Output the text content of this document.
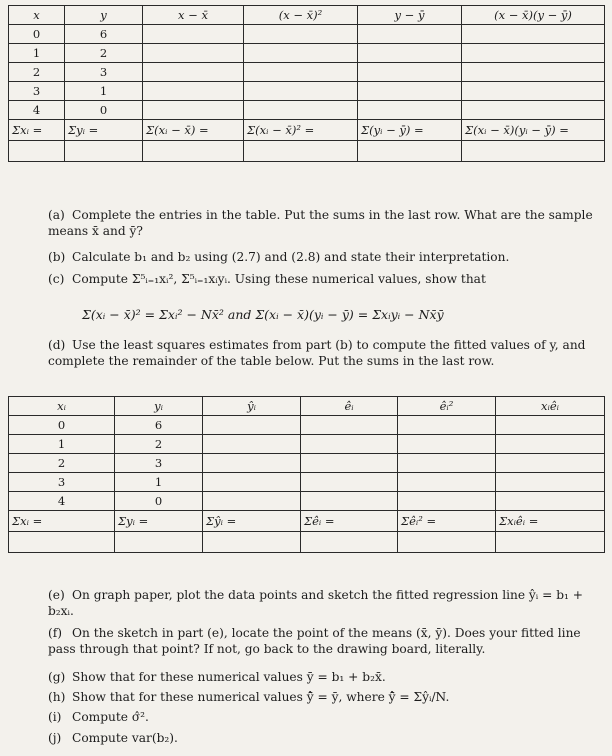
x	y	x − x̄	(x − x̄)²	y − ȳ	(x − x̄)(y − ȳ)
0	6				
1	2				
2	3				
3	1				
4	0				
Σxᵢ =	Σyᵢ =	Σ(xᵢ − x̄) =	Σ(xᵢ − x̄)² =	Σ(yᵢ − ȳ) =	Σ(xᵢ − x̄)(yᵢ − ȳ) =

(a) Complete the entries in the table. Put the sums in the last row. What are the sample means x̄ and ȳ?
(b) Calculate b₁ and b₂ using (2.7) and (2.8) and state their interpretation.
(c) Compute Σ⁵ᵢ₌₁xᵢ², Σ⁵ᵢ₌₁xᵢyᵢ. Using these numerical values, show that
Σ(xᵢ − x̄)² = Σxᵢ² − Nx̄² and Σ(xᵢ − x̄)(yᵢ − ȳ) = Σxᵢyᵢ − Nx̄ȳ
(d) Use the least squares estimates from part (b) to compute the fitted values of y, and complete the remainder of the table below. Put the sums in the last row.
xᵢ	yᵢ	ŷᵢ	êᵢ	êᵢ²	xᵢêᵢ
0	6				
1	2				
2	3				
3	1				
4	0				
Σxᵢ =	Σyᵢ =	Σŷᵢ =	Σêᵢ =	Σêᵢ² =	Σxᵢêᵢ =

(e) On graph paper, plot the data points and sketch the fitted regression line ŷᵢ = b₁ + b₂xᵢ.
(f) On the sketch in part (e), locate the point of the means (x̄, ȳ). Does your fitted line pass through that point? If not, go back to the drawing board, literally.
(g) Show that for these numerical values ȳ = b₁ + b₂x̄.
(h) Show that for these numerical values ŷ̄ = ȳ, where ŷ̄ = Σŷᵢ/N.
(i) Compute σ̂².
(j) Compute var(b₂).
